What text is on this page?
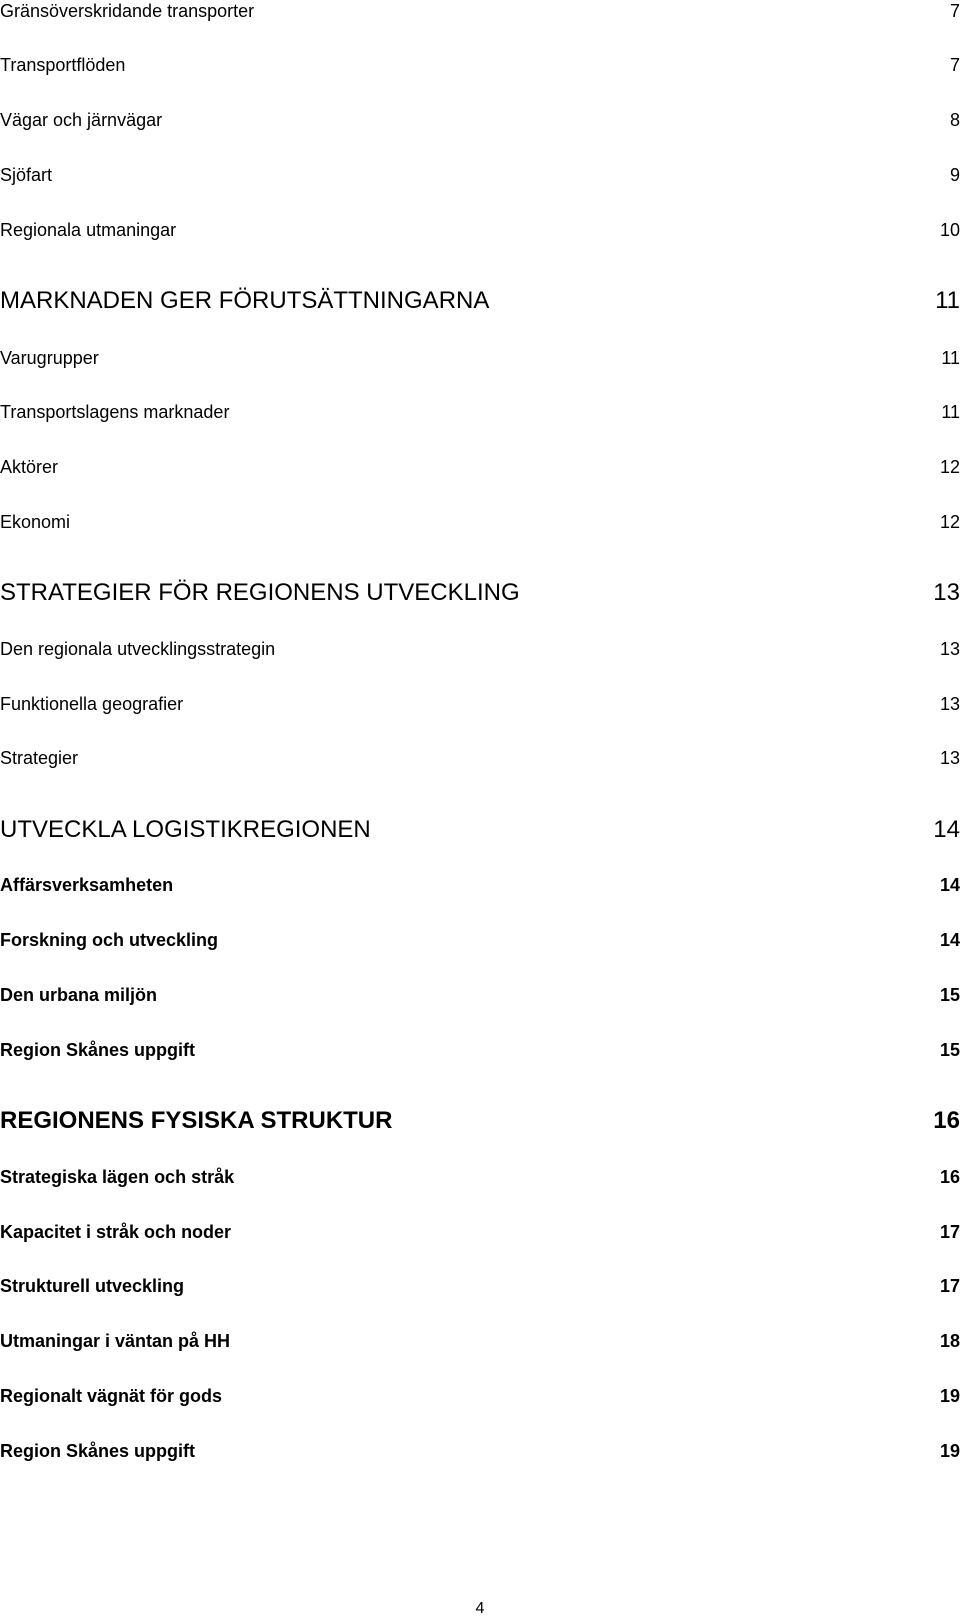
Gränsöverskridande transporter	7
Transportflöden	7
Vägar och järnvägar	8
Sjöfart	9
Regionala utmaningar	10
MARKNADEN GER FÖRUTSÄTTNINGARNA	11
Varugrupper	11
Transportslagens marknader	11
Aktörer	12
Ekonomi	12
STRATEGIER FÖR REGIONENS UTVECKLING	13
Den regionala utvecklingsstrategin	13
Funktionella geografier	13
Strategier	13
UTVECKLA LOGISTIKREGIONEN	14
Affärsverksamheten	14
Forskning och utveckling	14
Den urbana miljön	15
Region Skånes uppgift	15
REGIONENS FYSISKA STRUKTUR	16
Strategiska lägen och stråk	16
Kapacitet i stråk och noder	17
Strukturell utveckling	17
Utmaningar i väntan på HH	18
Regionalt vägnät för gods	19
Region Skånes uppgift	19
4
